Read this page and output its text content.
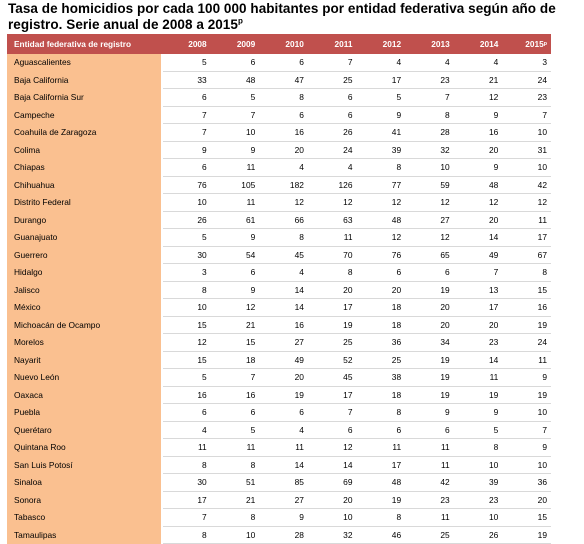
Tasa de homicidios por cada 100 000 habitantes por entidad federativa según año de registro. Serie anual de 2008 a 2015$^p$
Entidad federativa de registro	2008	2009	2010	2011	2012	2013	2014	2015ᵖ
Aguascalientes	5	6	6	7	4	4	4	3
Baja California	33	48	47	25	17	23	21	24
Baja California Sur	6	5	8	6	5	7	12	23
Campeche	7	7	6	6	9	8	9	7
Coahuila de Zaragoza	7	10	16	26	41	28	16	10
Colima	9	9	20	24	39	32	20	31
Chiapas	6	11	4	4	8	10	9	10
Chihuahua	76	105	182	126	77	59	48	42
Distrito Federal	10	11	12	12	12	12	12	12
Durango	26	61	66	63	48	27	20	11
Guanajuato	5	9	8	11	12	12	14	17
Guerrero	30	54	45	70	76	65	49	67
Hidalgo	3	6	4	8	6	6	7	8
Jalisco	8	9	14	20	20	19	13	15
México	10	12	14	17	18	20	17	16
Michoacán de Ocampo	15	21	16	19	18	20	20	19
Morelos	12	15	27	25	36	34	23	24
Nayarit	15	18	49	52	25	19	14	11
Nuevo León	5	7	20	45	38	19	11	9
Oaxaca	16	16	19	17	18	19	19	19
Puebla	6	6	6	7	8	9	9	10
Querétaro	4	5	4	6	6	6	5	7
Quintana Roo	11	11	11	12	11	11	8	9
San Luis Potosí	8	8	14	14	17	11	10	10
Sinaloa	30	51	85	69	48	42	39	36
Sonora	17	21	27	20	19	23	23	20
Tabasco	7	8	9	10	8	11	10	15
Tamaulipas	8	10	28	32	46	25	26	19
